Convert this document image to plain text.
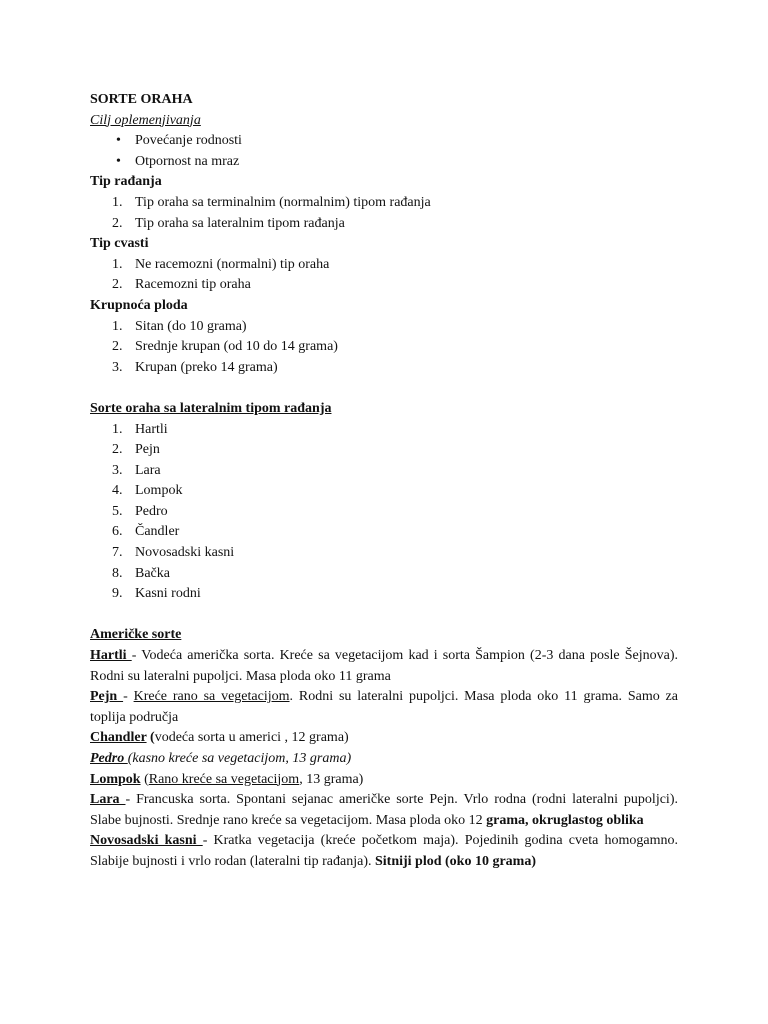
SORTE ORAHA

Cilj oplemenjivanja

• Povećanje rodnosti
• Otpornost na mraz

Tip rađanja

1. Tip oraha sa terminalnim (normalnim) tipom rađanja
2. Tip oraha sa lateralnim tipom rađanja

Tip cvasti

1. Ne racemozni (normalni) tip oraha
2. Racemozni tip oraha

Krupnoća ploda

1. Sitan (do 10 grama)
2. Srednje krupan (od 10 do 14 grama)
3. Krupan (preko 14 grama)

Sorte oraha sa lateralnim tipom rađanja

1. Hartli
2. Pejn
3. Lara
4. Lompok
5. Pedro
6. Čandler
7. Novosadski kasni
8. Bačka
9. Kasni rodni

Američke sorte

Hartli - Vodeća američka sorta. Kreće sa vegetacijom kad i sorta Šampion (2-3 dana posle Šejnova). Rodni su lateralni pupoljci. Masa ploda oko 11 grama

Pejn - Kreće rano sa vegetacijom. Rodni su lateralni pupoljci. Masa ploda oko 11 grama. Samo za toplija područja

Chandler (vodeća sorta u americi , 12 grama)

Pedro (kasno kreće sa vegetacijom, 13 grama)

Lompok (Rano kreće sa vegetacijom, 13 grama)

Lara - Francuska sorta. Spontani sejanac američke sorte Pejn. Vrlo rodna (rodni lateralni pupoljci). Slabe bujnosti. Srednje rano kreće sa vegetacijom. Masa ploda oko 12 grama, okruglastog oblika

Novosadski kasni - Kratka vegetacija (kreće početkom maja). Pojedinih godina cveta homogamno. Slabije bujnosti i vrlo rodan (lateralni tip rađanja). Sitniji plod (oko 10 grama)
